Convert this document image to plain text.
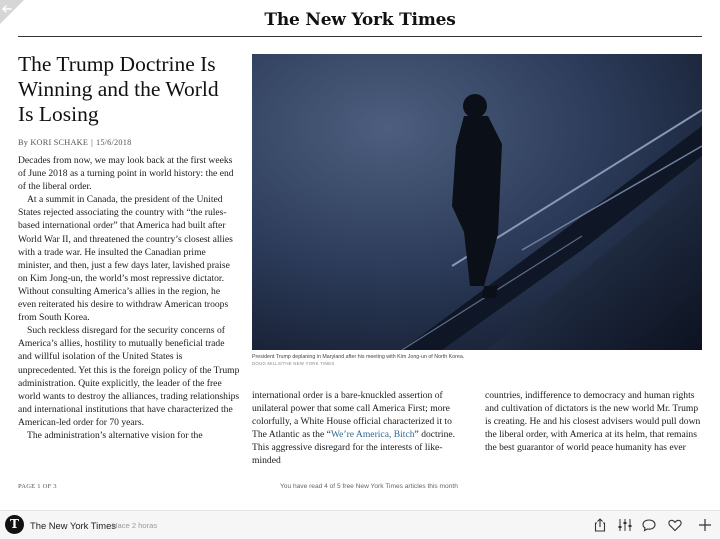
The New York Times
The Trump Doctrine Is Winning and the World Is Losing
By KORI SCHAKE | 15/6/2018

Decades from now, we may look back at the first weeks of June 2018 as a turning point in world history: the end of the liberal order.

At a summit in Canada, the president of the United States rejected associating the country with “the rules-based international order” that America had built after World War II, and threatened the country’s closest allies with a trade war. He insulted the Canadian prime minister, and then, just a few days later, lavished praise on Kim Jong-un, the world’s most repressive dictator. Without consulting America’s allies in the region, he even reiterated his desire to withdraw American troops from South Korea.

Such reckless disregard for the security concerns of America’s allies, hostility to mutually beneficial trade and willful isolation of the United States is unprecedented. Yet this is the foreign policy of the Trump administration. Quite explicitly, the leader of the free world wants to destroy the alliances, trading relationships and international institutions that have characterized the American-led order for 70 years.

The administration’s alternative vision for the

President Trump deplaning in Maryland after his meeting with Kim Jong-un of North Korea.
DOUG MILLS/THE NEW YORK TIMES
international order is a bare-knuckled assertion of unilateral power that some call America First; more colorfully, a White House official characterized it to The Atlantic as the “We’re America, Bitch” doctrine. This aggressive disregard for the interests of like-minded
countries, indifference to democracy and human rights and cultivation of dictators is the new world Mr. Trump is creating. He and his closest advisers would pull down the liberal order, with America at its helm, that remains the best guarantor of world peace humanity has ever
PAGE 1 OF 3	You have read 4 of 5 free New York Times articles this month
T	The New York Times
Hace 2 horas
